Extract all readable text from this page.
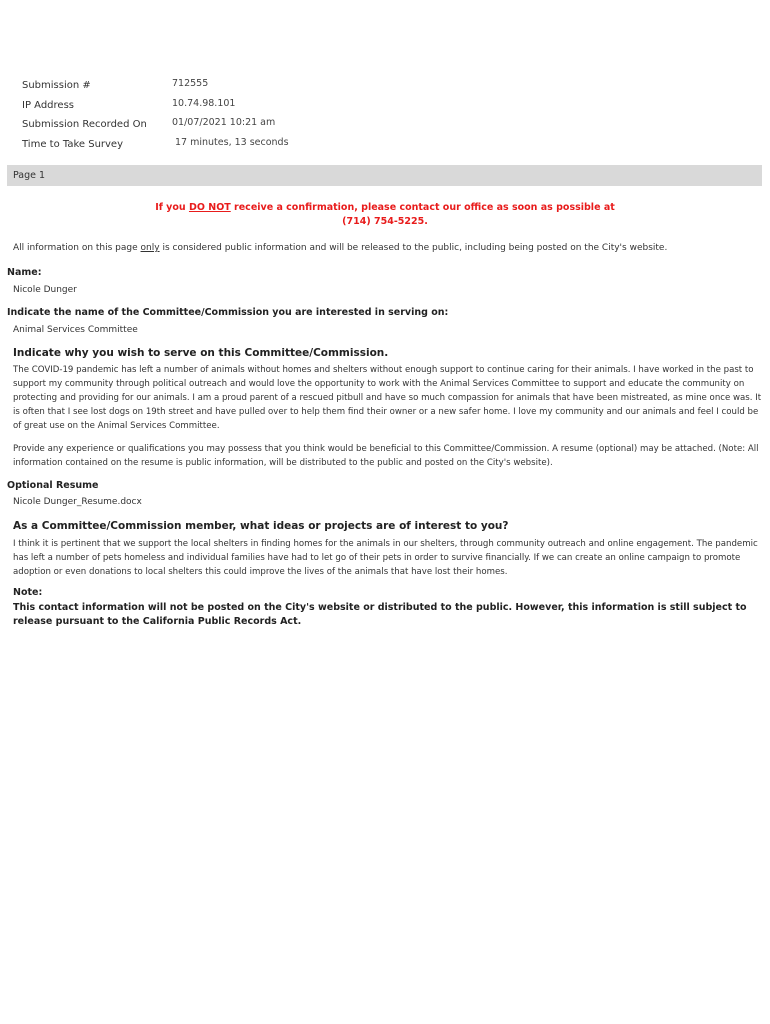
Submission #	712555
IP Address	10.74.98.101
Submission Recorded On	01/07/2021 10:21 am
Time to Take Survey	17 minutes, 13 seconds
Page 1
If you DO NOT receive a confirmation, please contact our office as soon as possible at
(714) 754-5225.
All information on this page only is considered public information and will be released to the public, including being posted on the City's website.
Name:
Nicole Dunger
Indicate the name of the Committee/Commission you are interested in serving on:
Animal Services Committee
Indicate why you wish to serve on this Committee/Commission.
The COVID-19 pandemic has left a number of animals without homes and shelters without enough support to continue caring for their animals. I have worked in the past to support my community through political outreach and would love the opportunity to work with the Animal Services Committee to support and educate the community on protecting and providing for our animals. I am a proud parent of a rescued pitbull and have so much compassion for animals that have been mistreated, as mine once was. It is often that I see lost dogs on 19th street and have pulled over to help them find their owner or a new safer home. I love my community and our animals and feel I could be of great use on the Animal Services Committee.
Provide any experience or qualifications you may possess that you think would be beneficial to this Committee/Commission. A resume (optional) may be attached. (Note: All information contained on the resume is public information, will be distributed to the public and posted on the City's website).
Optional Resume
Nicole Dunger_Resume.docx
As a Committee/Commission member, what ideas or projects are of interest to you?
I think it is pertinent that we support the local shelters in finding homes for the animals in our shelters, through community outreach and online engagement. The pandemic has left a number of pets homeless and individual families have had to let go of their pets in order to survive financially. If we can create an online campaign to promote adoption or even donations to local shelters this could improve the lives of the animals that have lost their homes.
Note:
This contact information will not be posted on the City's website or distributed to the public. However, this information is still subject to release pursuant to the California Public Records Act.
